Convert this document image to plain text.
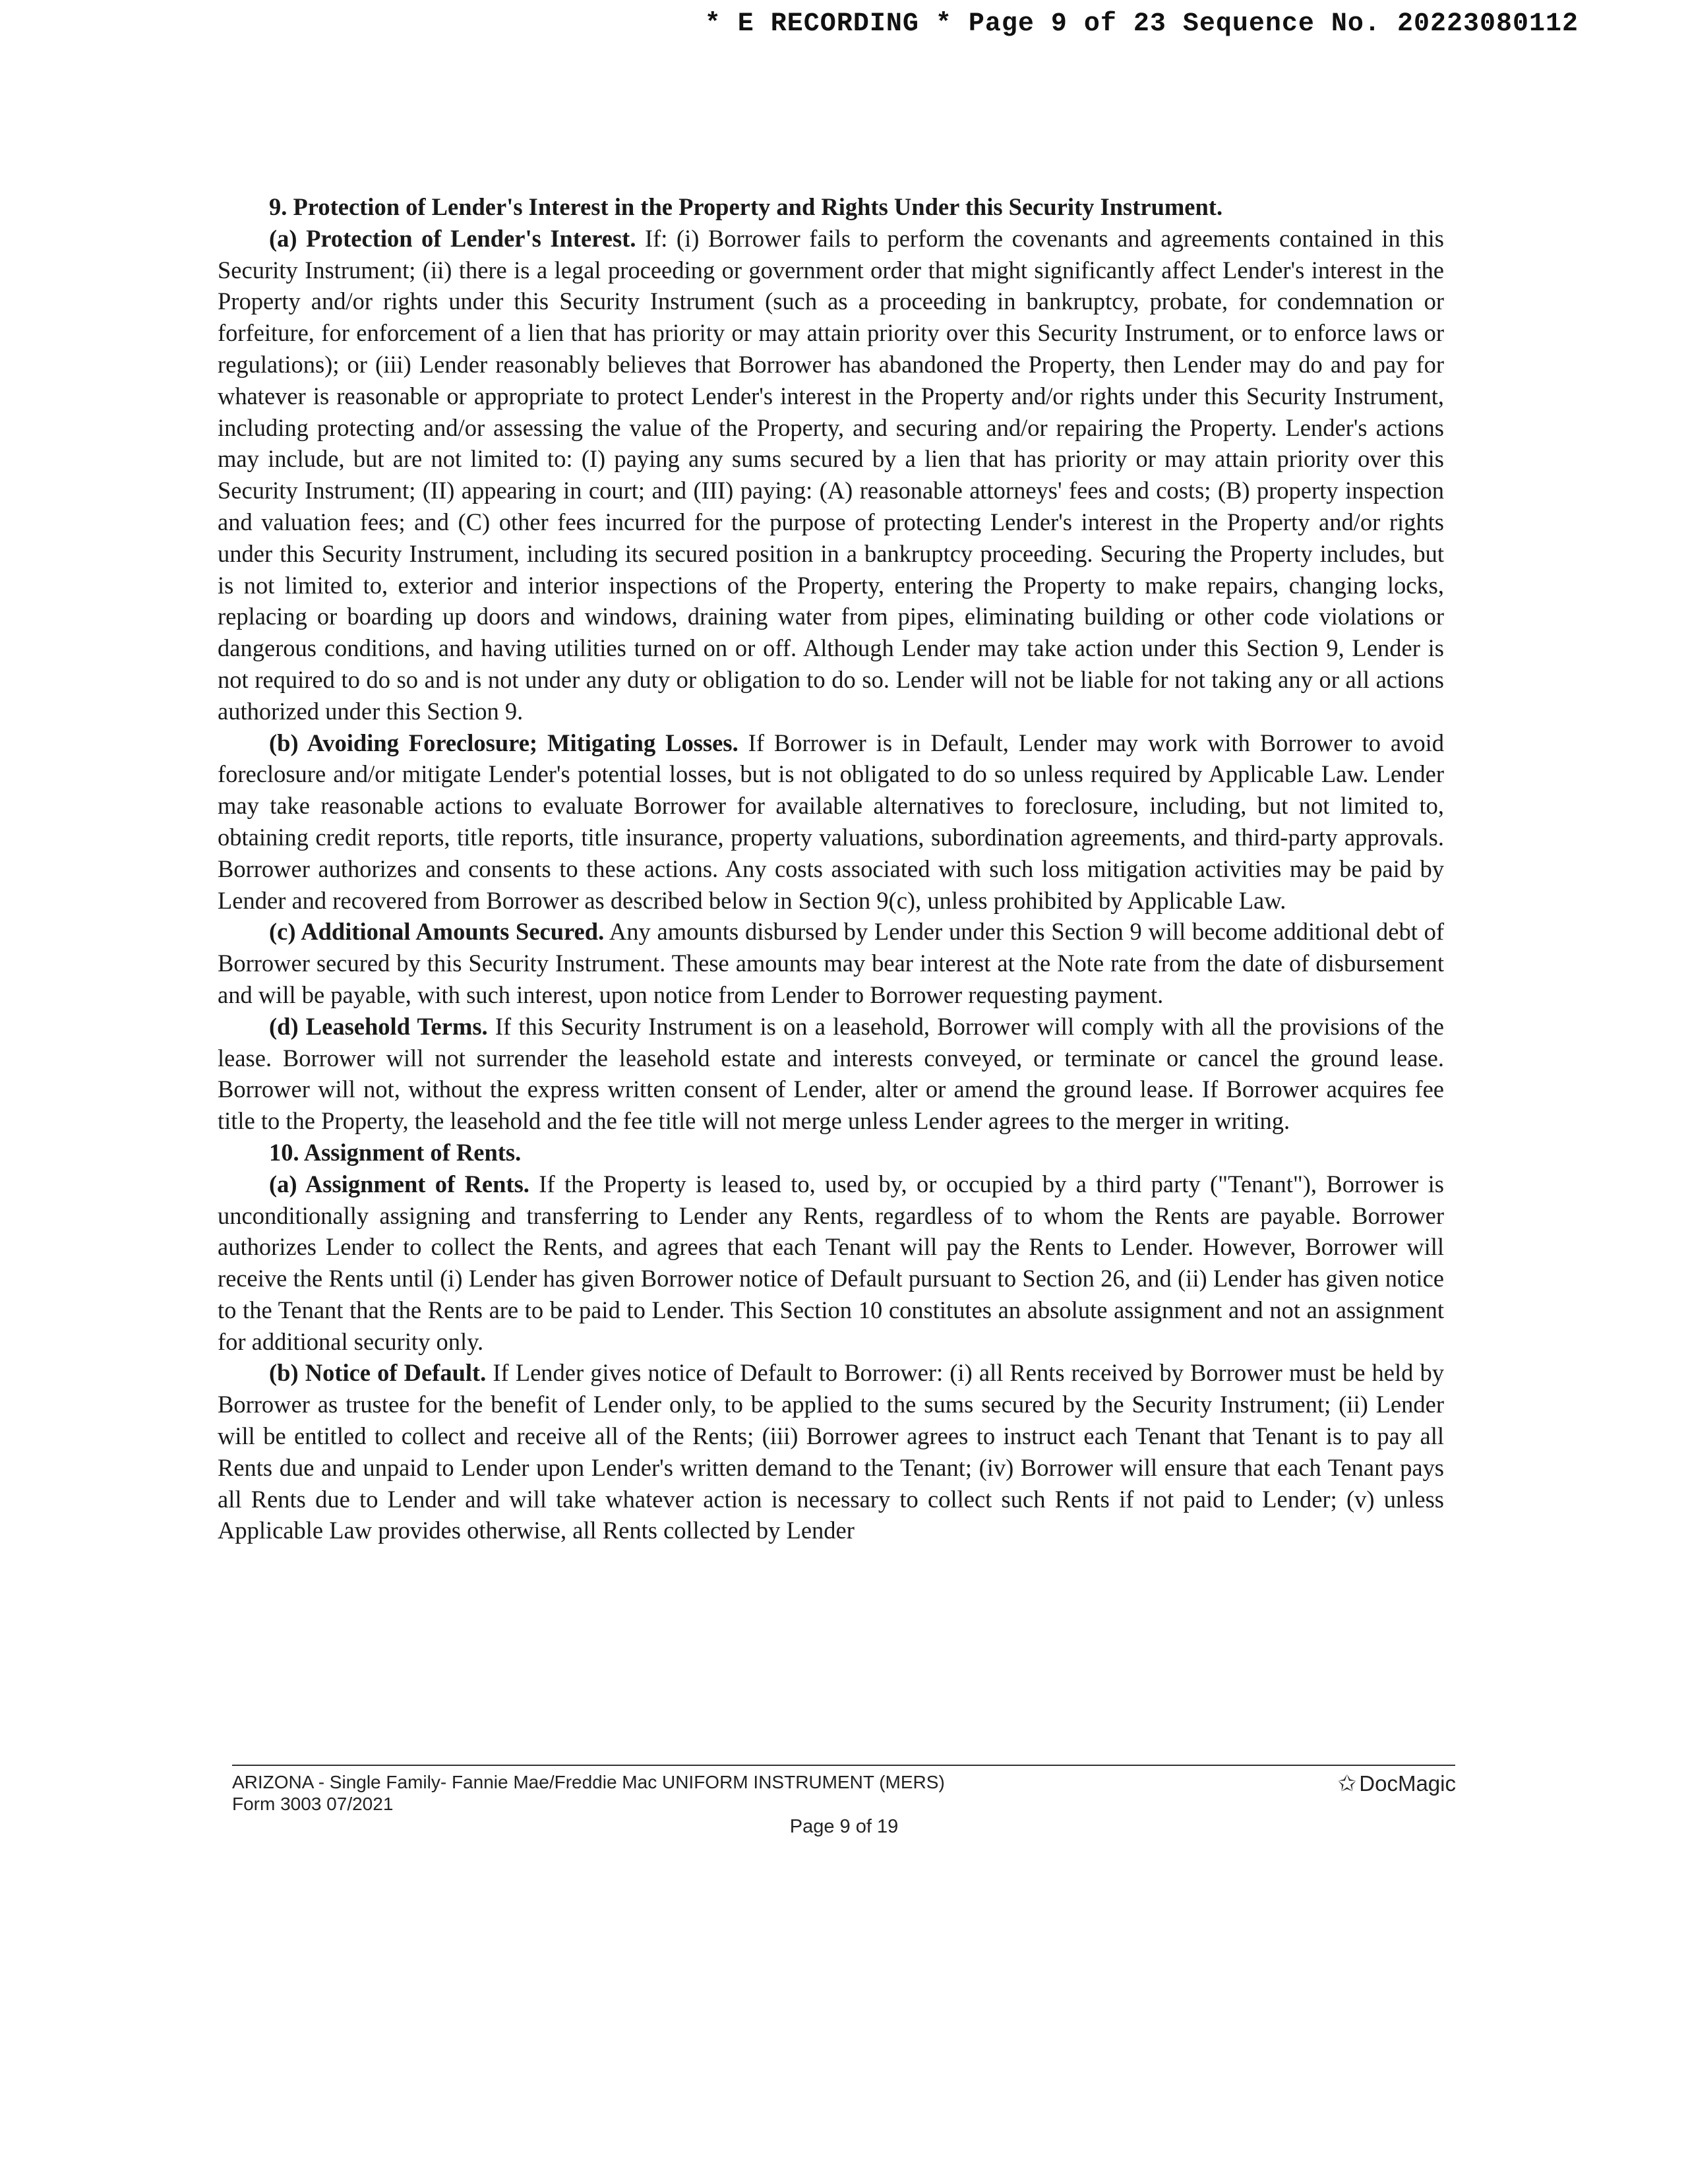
* E RECORDING * Page 9 of 23 Sequence No. 20223080112

9. Protection of Lender's Interest in the Property and Rights Under this Security Instrument.

(a) Protection of Lender's Interest. If: (i) Borrower fails to perform the covenants and agreements contained in this Security Instrument; (ii) there is a legal proceeding or government order that might significantly affect Lender's interest in the Property and/or rights under this Security Instrument (such as a proceeding in bankruptcy, probate, for condemnation or forfeiture, for enforcement of a lien that has priority or may attain priority over this Security Instrument, or to enforce laws or regulations); or (iii) Lender reasonably believes that Borrower has abandoned the Property, then Lender may do and pay for whatever is reasonable or appropriate to protect Lender's interest in the Property and/or rights under this Security Instrument, including protecting and/or assessing the value of the Property, and securing and/or repairing the Property. Lender's actions may include, but are not limited to: (I) paying any sums secured by a lien that has priority or may attain priority over this Security Instrument; (II) appearing in court; and (III) paying: (A) reasonable attorneys' fees and costs; (B) property inspection and valuation fees; and (C) other fees incurred for the purpose of protecting Lender's interest in the Property and/or rights under this Security Instrument, including its secured position in a bankruptcy proceeding. Securing the Property includes, but is not limited to, exterior and interior inspections of the Property, entering the Property to make repairs, changing locks, replacing or boarding up doors and windows, draining water from pipes, eliminating building or other code violations or dangerous conditions, and having utilities turned on or off. Although Lender may take action under this Section 9, Lender is not required to do so and is not under any duty or obligation to do so. Lender will not be liable for not taking any or all actions authorized under this Section 9.

(b) Avoiding Foreclosure; Mitigating Losses. If Borrower is in Default, Lender may work with Borrower to avoid foreclosure and/or mitigate Lender's potential losses, but is not obligated to do so unless required by Applicable Law. Lender may take reasonable actions to evaluate Borrower for available alternatives to foreclosure, including, but not limited to, obtaining credit reports, title reports, title insurance, property valuations, subordination agreements, and third-party approvals. Borrower authorizes and consents to these actions. Any costs associated with such loss mitigation activities may be paid by Lender and recovered from Borrower as described below in Section 9(c), unless prohibited by Applicable Law.

(c) Additional Amounts Secured. Any amounts disbursed by Lender under this Section 9 will become additional debt of Borrower secured by this Security Instrument. These amounts may bear interest at the Note rate from the date of disbursement and will be payable, with such interest, upon notice from Lender to Borrower requesting payment.

(d) Leasehold Terms. If this Security Instrument is on a leasehold, Borrower will comply with all the provisions of the lease. Borrower will not surrender the leasehold estate and interests conveyed, or terminate or cancel the ground lease. Borrower will not, without the express written consent of Lender, alter or amend the ground lease. If Borrower acquires fee title to the Property, the leasehold and the fee title will not merge unless Lender agrees to the merger in writing.

10. Assignment of Rents.

(a) Assignment of Rents. If the Property is leased to, used by, or occupied by a third party ("Tenant"), Borrower is unconditionally assigning and transferring to Lender any Rents, regardless of to whom the Rents are payable. Borrower authorizes Lender to collect the Rents, and agrees that each Tenant will pay the Rents to Lender. However, Borrower will receive the Rents until (i) Lender has given Borrower notice of Default pursuant to Section 26, and (ii) Lender has given notice to the Tenant that the Rents are to be paid to Lender. This Section 10 constitutes an absolute assignment and not an assignment for additional security only.

(b) Notice of Default. If Lender gives notice of Default to Borrower: (i) all Rents received by Borrower must be held by Borrower as trustee for the benefit of Lender only, to be applied to the sums secured by the Security Instrument; (ii) Lender will be entitled to collect and receive all of the Rents; (iii) Borrower agrees to instruct each Tenant that Tenant is to pay all Rents due and unpaid to Lender upon Lender's written demand to the Tenant; (iv) Borrower will ensure that each Tenant pays all Rents due to Lender and will take whatever action is necessary to collect such Rents if not paid to Lender; (v) unless Applicable Law provides otherwise, all Rents collected by Lender

ARIZONA - Single Family- Fannie Mae/Freddie Mac UNIFORM INSTRUMENT (MERS)
Form 3003 07/2021
✩ DocMagic
Page 9 of 19
